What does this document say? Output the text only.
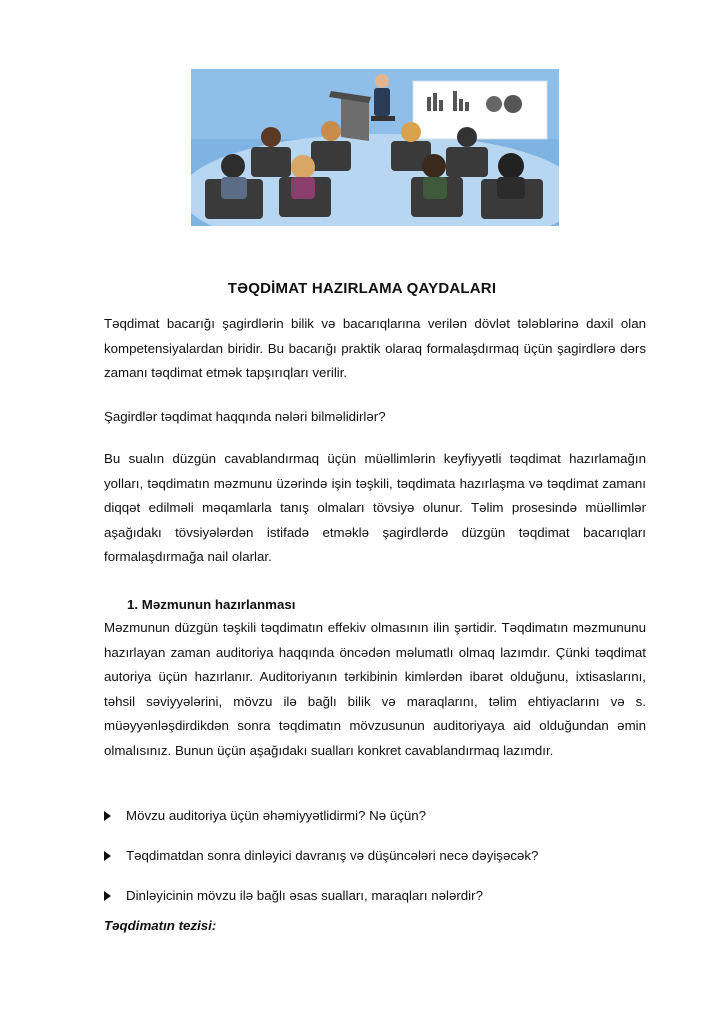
TƏQDİMAT HAZIRLAMA QAYDALARI

Təqdimat bacarığı şagirdlərin bilik və bacarıqlarına verilən dövlət tələblərinə daxil olan kompetensiyalardan biridir. Bu bacarığı praktik olaraq formalaşdırmaq üçün şagirdlərə dərs zamanı təqdimat etmək tapşırıqları verilir.

Şagirdlər təqdimat haqqında nələri bilməlidirlər?

Bu sualın düzgün cavablandırmaq üçün müəllimlərin keyfiyyətli təqdimat hazırlamağın yolları, təqdimatın məzmunu üzərində işin təşkili, təqdimata hazırlaşma və təqdimat zamanı diqqət edilməli məqamlarla tanış olmaları tövsiyə olunur. Təlim prosesində müəllimlər aşağıdakı tövsiyələrdən istifadə etməklə şagirdlərdə düzgün təqdimat bacarıqları formalaşdırmağa nail olarlar.

1. Məzmunun hazırlanması

Məzmunun düzgün təşkili təqdimatın effekiv olmasının ilin şərtidir. Təqdimatın məzmununu hazırlayan zaman auditoriya haqqında öncədən məlumatlı olmaq lazımdır. Çünki təqdimat autoriya üçün hazırlanır. Auditoriyanın tərkibinin kimlərdən ibarət olduğunu, ixtisaslarını, təhsil səviyyələrini, mövzu ilə bağlı bilik və maraqlarını, təlim ehtiyaclarını və s. müəyyənləşdirdikdən sonra təqdimatın mövzusunun auditoriyaya aid olduğundan əmin olmalısınız. Bunun üçün aşağıdakı sualları konkret cavablandırmaq lazımdır.

Mövzu auditoriya üçün əhəmiyyətlidirmi? Nə üçün?
Təqdimatdan sonra dinləyici davranış və düşüncələri necə dəyişəcək?
Dinləyicinin mövzu ilə bağlı əsas sualları, maraqları nələrdir?
Təqdimatın tezisi:
